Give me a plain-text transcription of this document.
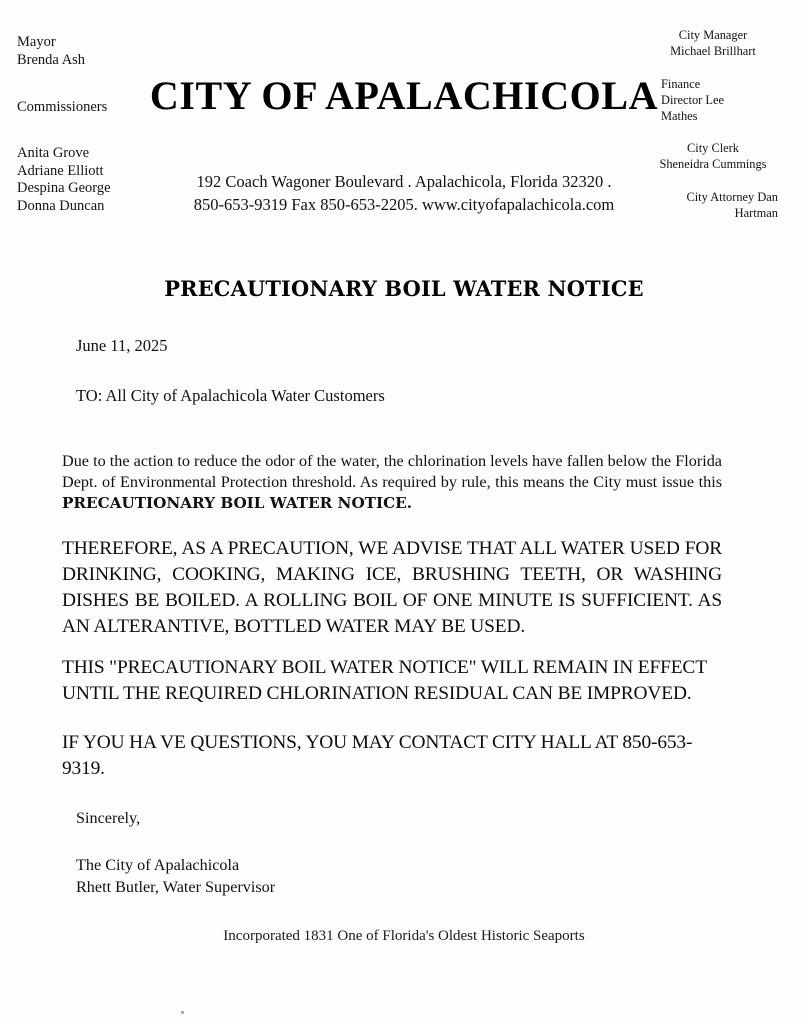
Mayor

Brenda Ash

Commissioners

Anita Grove

Adriane Elliott

Despina George

Donna Duncan

City Manager

Michael Brillhart

Finance

Director Lee

Mathes

City Clerk

Sheneidra Cummings

City Attorney Dan

Hartman

CITY OF APALACHICOLA

192 Coach Wagoner Boulevard . Apalachicola, Florida 32320 .

850-653-9319 Fax 850-653-2205. www.cityofapalachicola.com

PRECAUTIONARY BOIL WATER NOTICE
June 11, 2025
TO: All City of Apalachicola Water Customers
Due to the action to reduce the odor of the water, the chlorination levels have fallen below the Florida Dept. of Environmental Protection threshold. As required by rule, this means the City must issue this PRECAUTIONARY BOIL WATER NOTICE.
THEREFORE, AS A PRECAUTION, WE ADVISE THAT ALL WATER USED FOR DRINKING, COOKING, MAKING ICE, BRUSHING TEETH, OR WASHING DISHES BE BOILED. A ROLLING BOIL OF ONE MINUTE IS SUFFICIENT. AS AN ALTERANTIVE, BOTTLED WATER MAY BE USED.
THIS "PRECAUTIONARY BOIL WATER NOTICE" WILL REMAIN IN EFFECT UNTIL THE REQUIRED CHLORINATION RESIDUAL CAN BE IMPROVED.
IF YOU HA VE QUESTIONS, YOU MAY CONTACT CITY HALL AT 850-653- 9319.

Sincerely,

The City of Apalachicola

Rhett Butler, Water Supervisor

Incorporated 1831 One of Florida's Oldest Historic Seaports
